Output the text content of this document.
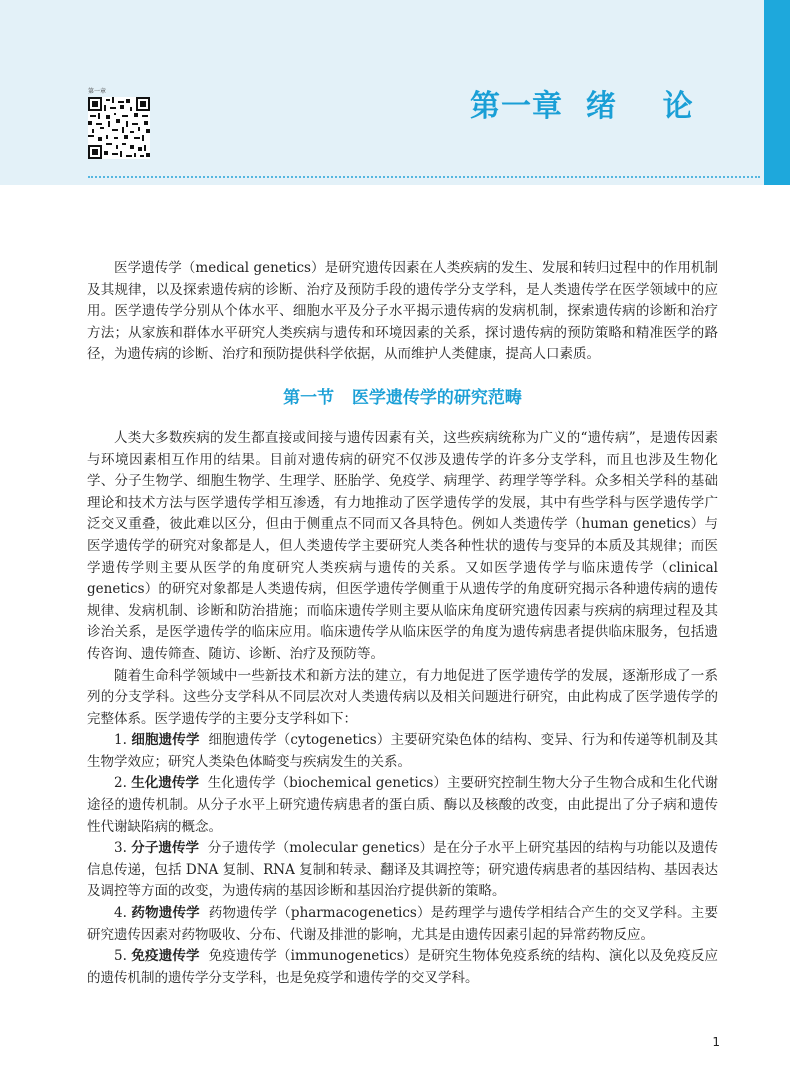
第一章	第一章  绪    论

医学遗传学（medical genetics）是研究遗传因素在人类疾病的发生、发展和转归过程中的作用机制及其规律，以及探索遗传病的诊断、治疗及预防手段的遗传学分支学科，是人类遗传学在医学领域中的应用。医学遗传学分别从个体水平、细胞水平及分子水平揭示遗传病的发病机制，探索遗传病的诊断和治疗方法；从家族和群体水平研究人类疾病与遗传和环境因素的关系，探讨遗传病的预防策略和精准医学的路径，为遗传病的诊断、治疗和预防提供科学依据，从而维护人类健康，提高人口素质。

第一节   医学遗传学的研究范畴

人类大多数疾病的发生都直接或间接与遗传因素有关，这些疾病统称为广义的“遗传病”，是遗传因素与环境因素相互作用的结果。目前对遗传病的研究不仅涉及遗传学的许多分支学科，而且也涉及生物化学、分子生物学、细胞生物学、生理学、胚胎学、免疫学、病理学、药理学等学科。众多相关学科的基础理论和技术方法与医学遗传学相互渗透，有力地推动了医学遗传学的发展，其中有些学科与医学遗传学广泛交叉重叠，彼此难以区分，但由于侧重点不同而又各具特色。例如人类遗传学（human genetics）与医学遗传学的研究对象都是人，但人类遗传学主要研究人类各种性状的遗传与变异的本质及其规律；而医学遗传学则主要从医学的角度研究人类疾病与遗传的关系。又如医学遗传学与临床遗传学（clinical genetics）的研究对象都是人类遗传病，但医学遗传学侧重于从遗传学的角度研究揭示各种遗传病的遗传规律、发病机制、诊断和防治措施；而临床遗传学则主要从临床角度研究遗传因素与疾病的病理过程及其诊治关系，是医学遗传学的临床应用。临床遗传学从临床医学的角度为遗传病患者提供临床服务，包括遗传咨询、遗传筛查、随访、诊断、治疗及预防等。

随着生命科学领域中一些新技术和新方法的建立，有力地促进了医学遗传学的发展，逐渐形成了一系列的分支学科。这些分支学科从不同层次对人类遗传病以及相关问题进行研究，由此构成了医学遗传学的完整体系。医学遗传学的主要分支学科如下：

1. 细胞遗传学 细胞遗传学（cytogenetics）主要研究染色体的结构、变异、行为和传递等机制及其生物学效应；研究人类染色体畸变与疾病发生的关系。

2. 生化遗传学 生化遗传学（biochemical genetics）主要研究控制生物大分子生物合成和生化代谢途径的遗传机制。从分子水平上研究遗传病患者的蛋白质、酶以及核酸的改变，由此提出了分子病和遗传性代谢缺陷病的概念。

3. 分子遗传学 分子遗传学（molecular genetics）是在分子水平上研究基因的结构与功能以及遗传信息传递，包括 DNA 复制、RNA 复制和转录、翻译及其调控等；研究遗传病患者的基因结构、基因表达及调控等方面的改变，为遗传病的基因诊断和基因治疗提供新的策略。

4. 药物遗传学 药物遗传学（pharmacogenetics）是药理学与遗传学相结合产生的交叉学科。主要研究遗传因素对药物吸收、分布、代谢及排泄的影响，尤其是由遗传因素引起的异常药物反应。

5. 免疫遗传学 免疫遗传学（immunogenetics）是研究生物体免疫系统的结构、演化以及免疫反应的遗传机制的遗传学分支学科，也是免疫学和遗传学的交叉学科。

1
